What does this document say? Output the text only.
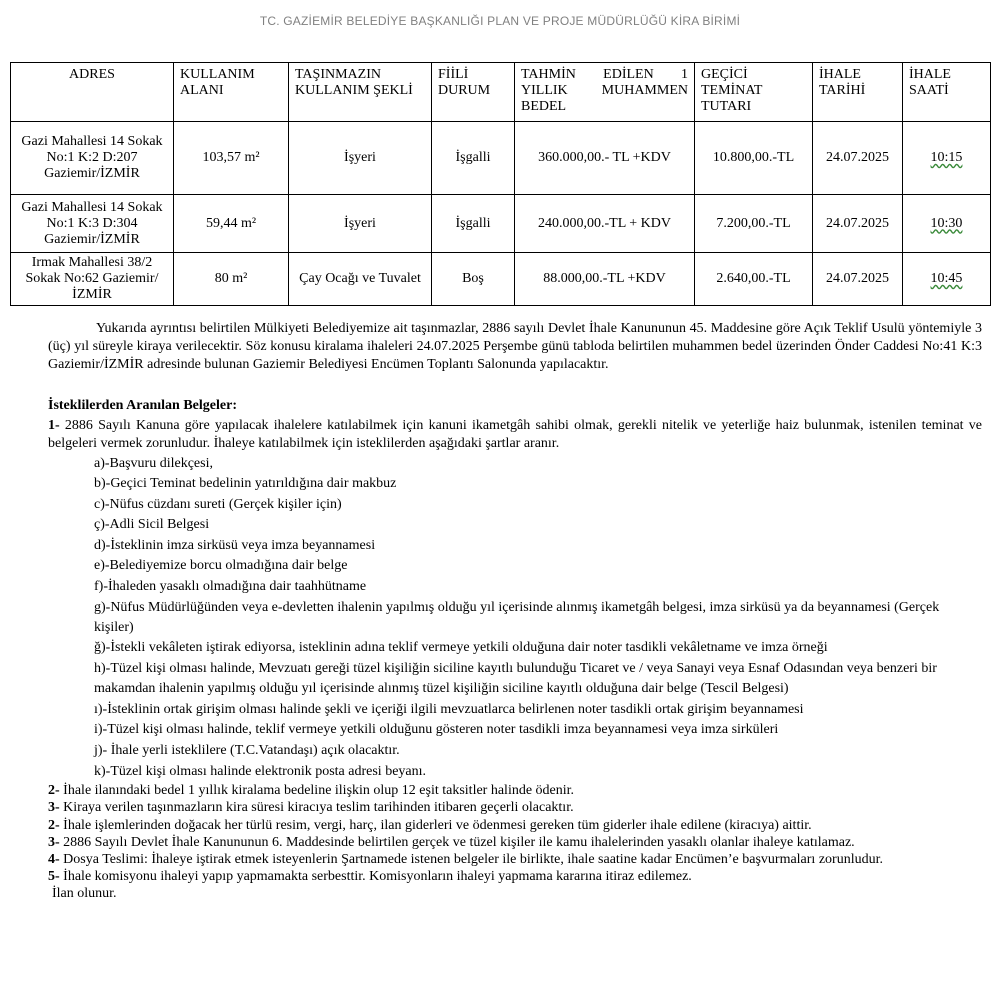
TC. GAZİEMİR BELEDİYE BAŞKANLIĞI PLAN VE PROJE MÜDÜRLÜĞÜ KİRA BİRİMİ
ADRES	KULLANIM ALANI	TAŞINMAZIN KULLANIM ŞEKLİ	FİİLİ DURUM	TAHMİN EDİLEN 1 YILLIK MUHAMMEN BEDEL	GEÇİCİ TEMİNAT TUTARI	İHALE TARİHİ	İHALE SAATİ
Gazi Mahallesi 14 Sokak No:1 K:2 D:207 Gaziemir/İZMİR	103,57 m²	İşyeri	İşgalli	360.000,00.- TL +KDV	10.800,00.-TL	24.07.2025	10:15
Gazi Mahallesi 14 Sokak No:1 K:3 D:304 Gaziemir/İZMİR	59,44 m²	İşyeri	İşgalli	240.000,00.-TL + KDV	7.200,00.-TL	24.07.2025	10:30
Irmak Mahallesi 38/2 Sokak No:62 Gaziemir/İZMİR	80 m²	Çay Ocağı ve Tuvalet	Boş	88.000,00.-TL +KDV	2.640,00.-TL	24.07.2025	10:45

Yukarıda ayrıntısı belirtilen Mülkiyeti Belediyemize ait taşınmazlar, 2886 sayılı Devlet İhale Kanununun 45. Maddesine göre Açık Teklif Usulü yöntemiyle 3 (üç) yıl süreyle kiraya verilecektir. Söz konusu kiralama ihaleleri 24.07.2025 Perşembe günü tabloda belirtilen muhammen bedel üzerinden Önder Caddesi No:41 K:3 Gaziemir/İZMİR adresinde bulunan Gaziemir Belediyesi Encümen Toplantı Salonunda yapılacaktır.

İsteklilerden Aranılan Belgeler:

1- 2886 Sayılı Kanuna göre yapılacak ihalelere katılabilmek için kanuni ikametgâh sahibi olmak, gerekli nitelik ve yeterliğe haiz bulunmak, istenilen teminat ve belgeleri vermek zorunludur. İhaleye katılabilmek için isteklilerden aşağıdaki şartlar aranır.

a)-Başvuru dilekçesi,

b)-Geçici Teminat bedelinin yatırıldığına dair makbuz

c)-Nüfus cüzdanı sureti (Gerçek kişiler için)

ç)-Adli Sicil Belgesi

d)-İsteklinin imza sirküsü veya imza beyannamesi

e)-Belediyemize borcu olmadığına dair belge

f)-İhaleden yasaklı olmadığına dair taahhütname

g)-Nüfus Müdürlüğünden veya e-devletten ihalenin yapılmış olduğu yıl içerisinde alınmış ikametgâh belgesi, imza sirküsü ya da beyannamesi (Gerçek kişiler)

ğ)-İstekli vekâleten iştirak ediyorsa, isteklinin adına teklif vermeye yetkili olduğuna dair noter tasdikli vekâletname ve imza örneği

h)-Tüzel kişi olması halinde, Mevzuatı gereği tüzel kişiliğin siciline kayıtlı bulunduğu Ticaret ve / veya Sanayi veya Esnaf Odasından veya benzeri bir makamdan ihalenin yapılmış olduğu yıl içerisinde alınmış tüzel kişiliğin siciline kayıtlı olduğuna dair belge (Tescil Belgesi)

ı)-İsteklinin ortak girişim olması halinde şekli ve içeriği ilgili mevzuatlarca belirlenen noter tasdikli ortak girişim beyannamesi

i)-Tüzel kişi olması halinde, teklif vermeye yetkili olduğunu gösteren noter tasdikli imza beyannamesi veya imza sirküleri

j)- İhale yerli isteklilere (T.C.Vatandaşı) açık olacaktır.

k)-Tüzel kişi olması halinde elektronik posta adresi beyanı.

2- İhale ilanındaki bedel 1 yıllık kiralama bedeline ilişkin olup 12 eşit taksitler halinde ödenir.

3- Kiraya verilen taşınmazların kira süresi kiracıya teslim tarihinden itibaren geçerli olacaktır.

2- İhale işlemlerinden doğacak her türlü resim, vergi, harç, ilan giderleri ve ödenmesi gereken tüm giderler ihale edilene (kiracıya) aittir.

3- 2886 Sayılı Devlet İhale Kanununun 6. Maddesinde belirtilen gerçek ve tüzel kişiler ile kamu ihalelerinden yasaklı olanlar ihaleye katılamaz.

4- Dosya Teslimi: İhaleye iştirak etmek isteyenlerin Şartnamede istenen belgeler ile birlikte, ihale saatine kadar Encümen’e başvurmaları zorunludur.

5- İhale komisyonu ihaleyi yapıp yapmamakta serbesttir. Komisyonların ihaleyi yapmama kararına itiraz edilemez.

İlan olunur.
